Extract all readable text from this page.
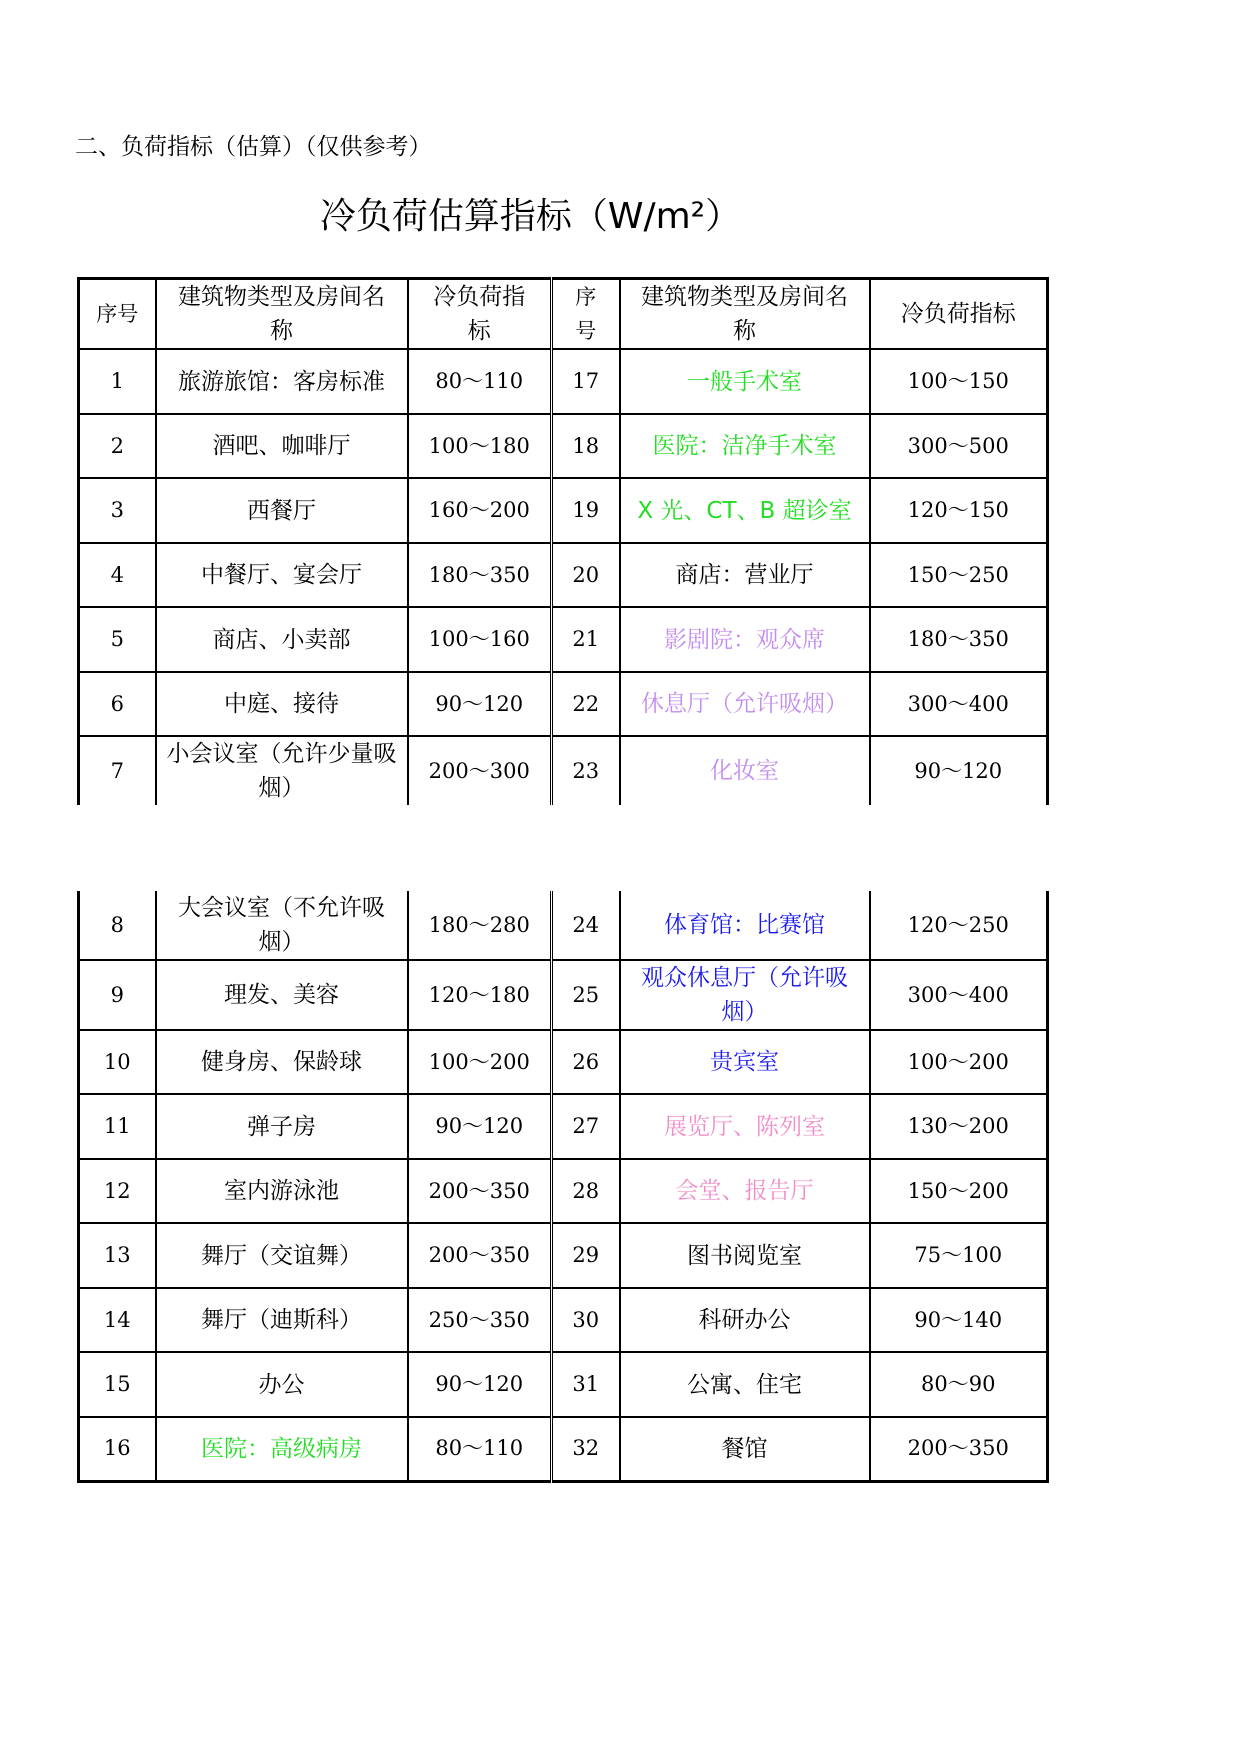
二、负荷指标（估算）（仅供参考）
冷负荷估算指标（W/m²）
序号	建筑物类型及房间名称	冷负荷指标	序号	建筑物类型及房间名称	冷负荷指标
1	旅游旅馆：客房标准	80～110	17	一般手术室	100～150
2	酒吧、咖啡厅	100～180	18	医院：洁净手术室	300～500
3	西餐厅	160～200	19	X 光、CT、B 超诊室	120～150
4	中餐厅、宴会厅	180～350	20	商店：营业厅	150～250
5	商店、小卖部	100～160	21	影剧院：观众席	180～350
6	中庭、接待	90～120	22	休息厅（允许吸烟）	300～400
7	小会议室（允许少量吸烟）	200～300	23	化妆室	90～120
8	大会议室（不允许吸烟）	180～280	24	体育馆：比赛馆	120～250
9	理发、美容	120～180	25	观众休息厅（允许吸烟）	300～400
10	健身房、保龄球	100～200	26	贵宾室	100～200
11	弹子房	90～120	27	展览厅、陈列室	130～200
12	室内游泳池	200～350	28	会堂、报告厅	150～200
13	舞厅（交谊舞）	200～350	29	图书阅览室	75～100
14	舞厅（迪斯科）	250～350	30	科研办公	90～140
15	办公	90～120	31	公寓、住宅	80～90
16	医院：高级病房	80～110	32	餐馆	200～350
